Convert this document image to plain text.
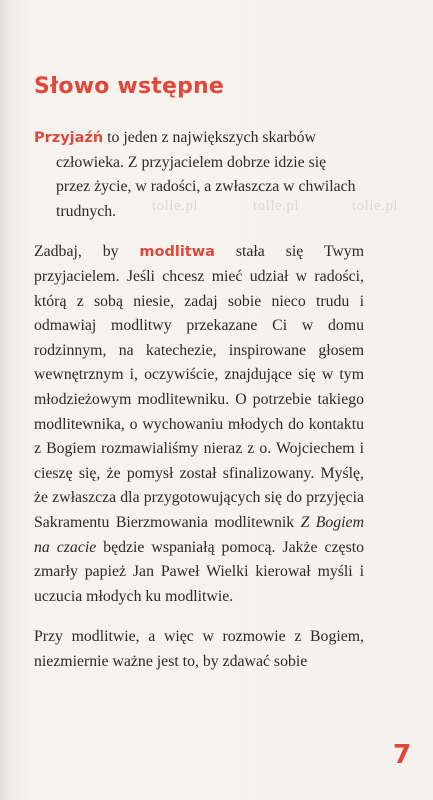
Słowo wstępne

Przyjaźń to jeden z największych skarbów
człowieka. Z przyjacielem dobrze idzie się
przez życie, w radości, a zwłaszcza w chwilach
trudnych.

Zadbaj, by modlitwa stała się Twym przyjacielem. Jeśli chcesz mieć udział w radości, którą z sobą niesie, zadaj sobie nieco trudu i odmawiaj modlitwy przekazane Ci w domu rodzinnym, na katechezie, inspirowane głosem wewnętrznym i, oczywiście, znajdujące się w tym młodzieżowym modlitewniku. O potrzebie takiego modlitewnika, o wychowaniu młodych do kontaktu z Bogiem rozmawialiśmy nieraz z o. Wojciechem i cieszę się, że pomysł został sfinalizowany. Myślę, że zwłaszcza dla przygotowujących się do przyjęcia Sakramentu Bierzmowania modlitewnik Z Bogiem na czacie będzie wspaniałą pomocą. Jakże często zmarły papież Jan Paweł Wielki kierował myśli i uczucia młodych ku modlitwie.

Przy modlitwie, a więc w rozmowie z Bogiem, niezmiernie ważne jest to, by zdawać sobie

tolle.pl	tolle.pl	tolle.pl
7
